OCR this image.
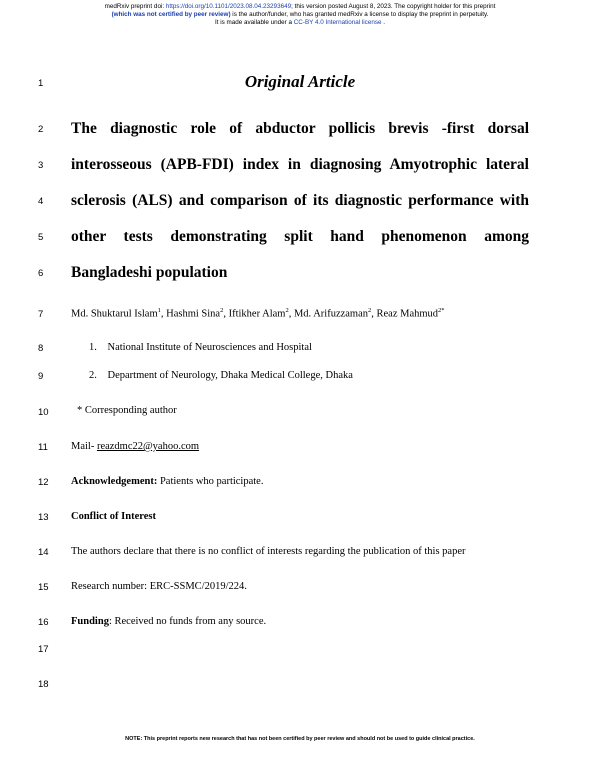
medRxiv preprint doi: https://doi.org/10.1101/2023.08.04.23293649; this version posted August 8, 2023. The copyright holder for this preprint
(which was not certified by peer review) is the author/funder, who has granted medRxiv a license to display the preprint in perpetuity.
It is made available under a CC-BY 4.0 International license .
1
2
3
4
5
6
7
8
9
10
11
12
13
14
15
16
17
18
Original Article
The diagnostic role of abductor pollicis brevis -first dorsal
interosseous (APB-FDI) index in diagnosing Amyotrophic lateral
sclerosis (ALS) and comparison of its diagnostic performance with
other tests demonstrating split hand phenomenon among
Bangladeshi population
Md. Shuktarul Islam$^1$, Hashmi Sina$^2$, Iftikher Alam$^2$, Md. Arifuzzaman$^2$, Reaz Mahmud$^{2*}$
1. National Institute of Neurosciences and Hospital
2. Department of Neurology, Dhaka Medical College, Dhaka
* Corresponding author
Mail- reazdmc22@yahoo.com
Acknowledgement: Patients who participate.
Conflict of Interest
The authors declare that there is no conflict of interests regarding the publication of this paper
Research number: ERC-SSMC/2019/224.
Funding: Received no funds from any source.
NOTE: This preprint reports new research that has not been certified by peer review and should not be used to guide clinical practice.
